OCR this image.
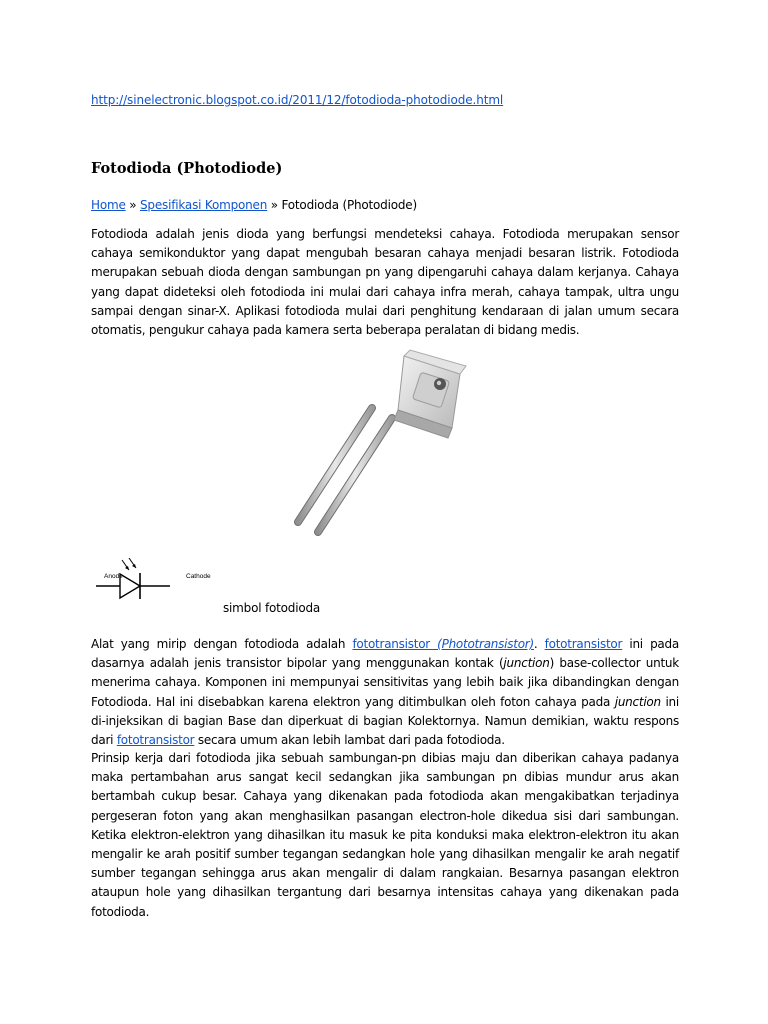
http://sinelectronic.blogspot.co.id/2011/12/fotodioda-photodiode.html
Fotodioda (Photodiode)
Home » Spesifikasi Komponen » Fotodioda (Photodiode)

Fotodioda adalah jenis dioda yang berfungsi mendeteksi cahaya. Fotodioda merupakan sensor cahaya semikonduktor yang dapat mengubah besaran cahaya menjadi besaran listrik. Fotodioda merupakan sebuah dioda dengan sambungan pn yang dipengaruhi cahaya dalam kerjanya. Cahaya yang dapat dideteksi oleh fotodioda ini mulai dari cahaya infra merah, cahaya tampak, ultra ungu sampai dengan sinar-X. Aplikasi fotodioda mulai dari penghitung kendaraan di jalan umum secara otomatis, pengukur cahaya pada kamera serta beberapa peralatan di bidang medis.

Anode	Cathode
simbol fotodioda

Alat yang mirip dengan fotodioda adalah fototransistor (Phototransistor). fototransistor ini pada dasarnya adalah jenis transistor bipolar yang menggunakan kontak (junction) base-collector untuk menerima cahaya. Komponen ini mempunyai sensitivitas yang lebih baik jika dibandingkan dengan Fotodioda. Hal ini disebabkan karena elektron yang ditimbulkan oleh foton cahaya pada junction ini di-injeksikan di bagian Base dan diperkuat di bagian Kolektornya. Namun demikian, waktu respons dari fototransistor secara umum akan lebih lambat dari pada fotodioda.

Prinsip kerja dari fotodioda jika sebuah sambungan-pn dibias maju dan diberikan cahaya padanya maka pertambahan arus sangat kecil sedangkan jika sambungan pn dibias mundur arus akan bertambah cukup besar. Cahaya yang dikenakan pada fotodioda akan mengakibatkan terjadinya pergeseran foton yang akan menghasilkan pasangan electron-hole dikedua sisi dari sambungan. Ketika elektron-elektron yang dihasilkan itu masuk ke pita konduksi maka elektron-elektron itu akan mengalir ke arah positif sumber tegangan sedangkan hole yang dihasilkan mengalir ke arah negatif sumber tegangan sehingga arus akan mengalir di dalam rangkaian. Besarnya pasangan elektron ataupun hole yang dihasilkan tergantung dari besarnya intensitas cahaya yang dikenakan pada fotodioda.
